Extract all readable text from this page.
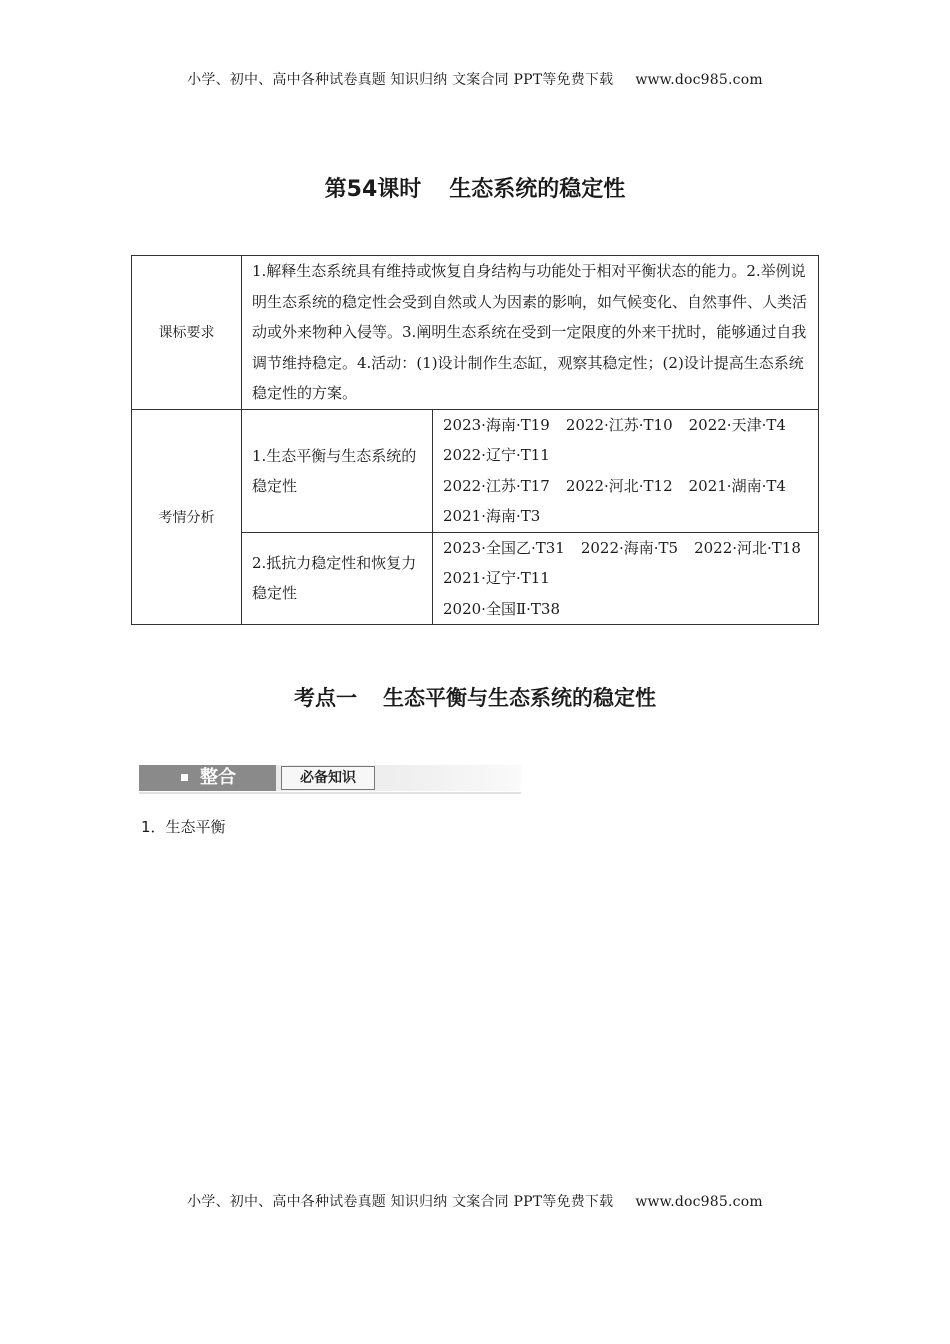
小学、初中、高中各种试卷真题 知识归纳 文案合同 PPT等免费下载 www.doc985.com
第54课时 生态系统的稳定性
课标要求	1.解释生态系统具有维持或恢复自身结构与功能处于相对平衡状态的能力。2.举例说明生态系统的稳定性会受到自然或人为因素的影响，如气候变化、自然事件、人类活动或外来物种入侵等。3.阐明生态系统在受到一定限度的外来干扰时，能够通过自我调节维持稳定。4.活动：(1)设计制作生态缸，观察其稳定性；(2)设计提高生态系统稳定性的方案。	
考情分析	1.生态平衡与生态系统的稳定性	2023·海南·T19 2022·江苏·T10 2022·天津·T4
2022·辽宁·T11
2022·江苏·T17 2022·河北·T12 2021·湖南·T4
2021·海南·T3

	2.抵抗力稳定性和恢复力稳定性	2023·全国乙·T31 2022·海南·T5 2022·河北·T18
2021·辽宁·T11
2020·全国Ⅱ·T38
考点一 生态平衡与生态系统的稳定性
整合	必备知识
1．生态平衡
小学、初中、高中各种试卷真题 知识归纳 文案合同 PPT等免费下载 www.doc985.com
